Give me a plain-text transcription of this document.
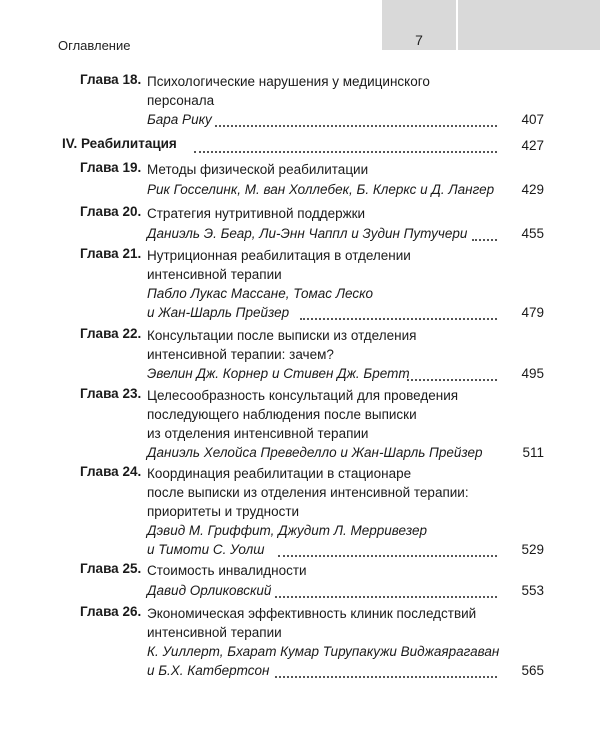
Оглавление	7
Глава 18. Психологические нарушения у медицинского
персонала
Бара Рику	407
IV. Реабилитация	427
Глава 19. Методы физической реабилитации
Рик Госселинк, М. ван Холлебек, Б. Клеркс и Д. Лангер	429
Глава 20. Стратегия нутритивной поддержки
Даниэль Э. Беар, Ли-Энн Чаппл и Зудин Путучери	455
Глава 21. Нутриционная реабилитация в отделении
интенсивной терапии
Пабло Лукас Массане, Томас Леско
и Жан-Шарль Прейзер	479
Глава 22. Консультации после выписки из отделения
интенсивной терапии: зачем?
Эвелин Дж. Корнер и Стивен Дж. Бретт	495
Глава 23. Целесообразность консультаций для проведения
последующего наблюдения после выписки
из отделения интенсивной терапии
Даниэль Хелойса Преведелло и Жан-Шарль Прейзер	511
Глава 24. Координация реабилитации в стационаре
после выписки из отделения интенсивной терапии:
приоритеты и трудности
Дэвид М. Гриффит, Джудит Л. Мерривезер
и Тимоти С. Уолш	529
Глава 25. Стоимость инвалидности
Давид Орликовский	553
Глава 26. Экономическая эффективность клиник последствий
интенсивной терапии
К. Уиллерт, Бхарат Кумар Тирупакужи Виджаярагаван
и Б.Х. Катбертсон	565
